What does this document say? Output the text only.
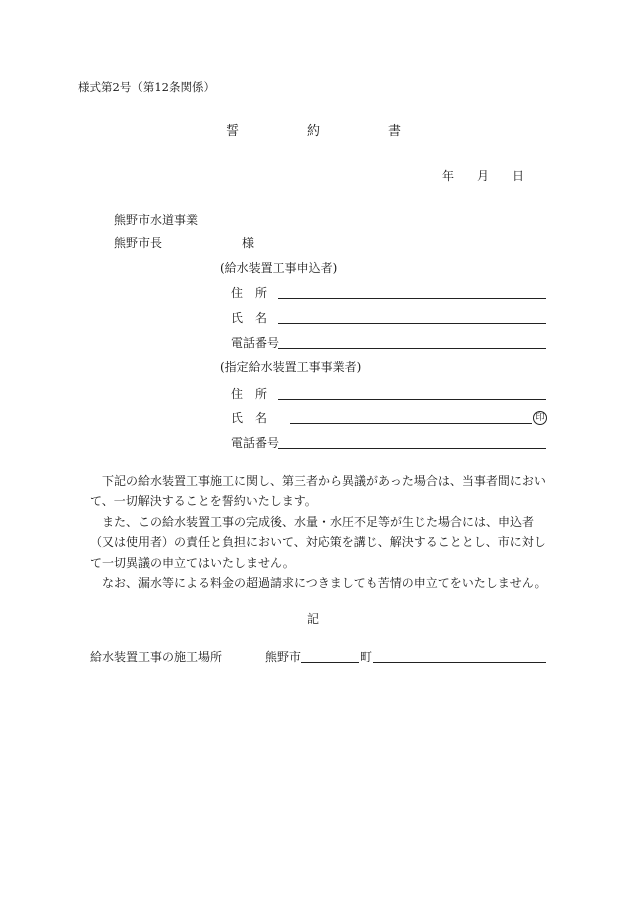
様式第2号（第12条関係）
誓	約	書
年 月 日
熊野市水道事業
熊野市長	様
(給水装置工事申込者)
住　所
氏　名
電話番号
(指定給水装置工事事業者)
住　所
氏　名	印
電話番号

下記の給水装置工事施工に関し、第三者から異議があった場合は、当事者間において、一切解決することを誓約いたします。

また、この給水装置工事の完成後、水量・水圧不足等が生じた場合には、申込者（又は使用者）の責任と負担において、対応策を講じ、解決することとし、市に対して一切異議の申立てはいたしません。

なお、漏水等による料金の超過請求につきましても苦情の申立てをいたしません。

記
給水装置工事の施工場所	熊野市	町
